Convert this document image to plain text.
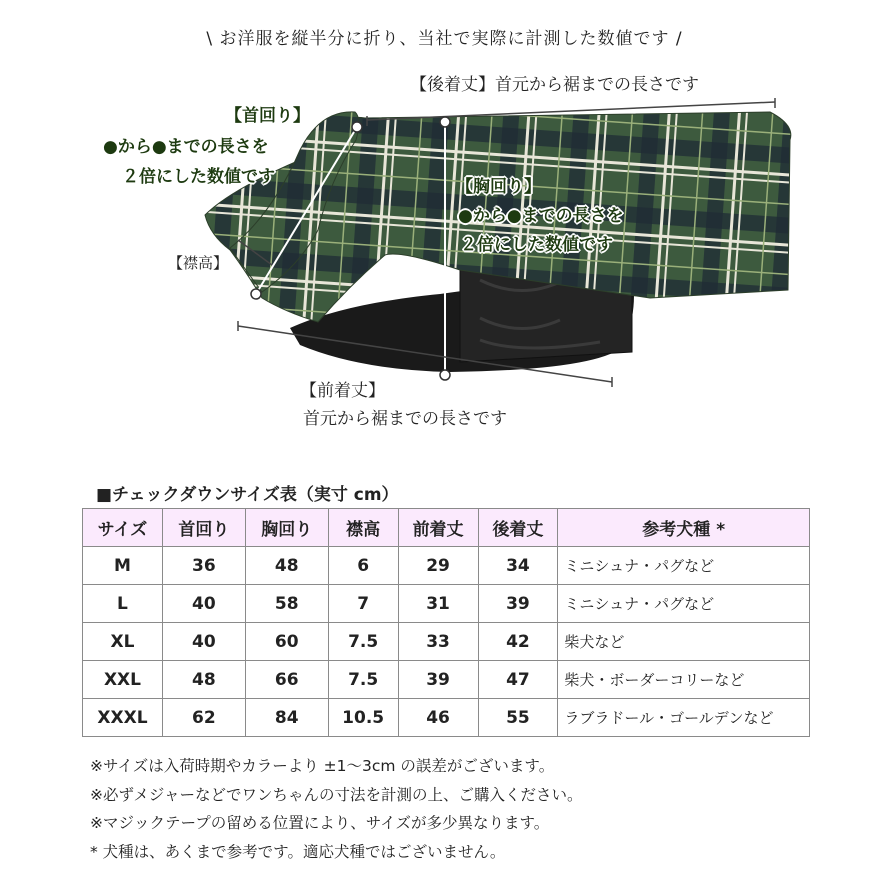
\ お洋服を縦半分に折り、当社で実際に計測した数値です /
【後着丈】首元から裾までの長さです
【首回り】
●から●までの長さを
２倍にした数値です	【胸回り】
●から●までの長さを
２倍にした数値です
【襟高】
【前着丈】
首元から裾までの長さです
■チェックダウンサイズ表（実寸 cm）
サイズ	首回り	胸回り	襟高	前着丈	後着丈	参考犬種 *
M	36	48	6	29	34	ミニシュナ・パグなど
L	40	58	7	31	39	ミニシュナ・パグなど
XL	40	60	7.5	33	42	柴犬など
XXL	48	66	7.5	39	47	柴犬・ボーダーコリーなど
XXXL	62	84	10.5	46	55	ラブラドール・ゴールデンなど
※サイズは入荷時期やカラーより ±1～3cm の誤差がございます。
※必ずメジャーなどでワンちゃんの寸法を計測の上、ご購入ください。
※マジックテープの留める位置により、サイズが多少異なります。
* 犬種は、あくまで参考です。適応犬種ではございません。
